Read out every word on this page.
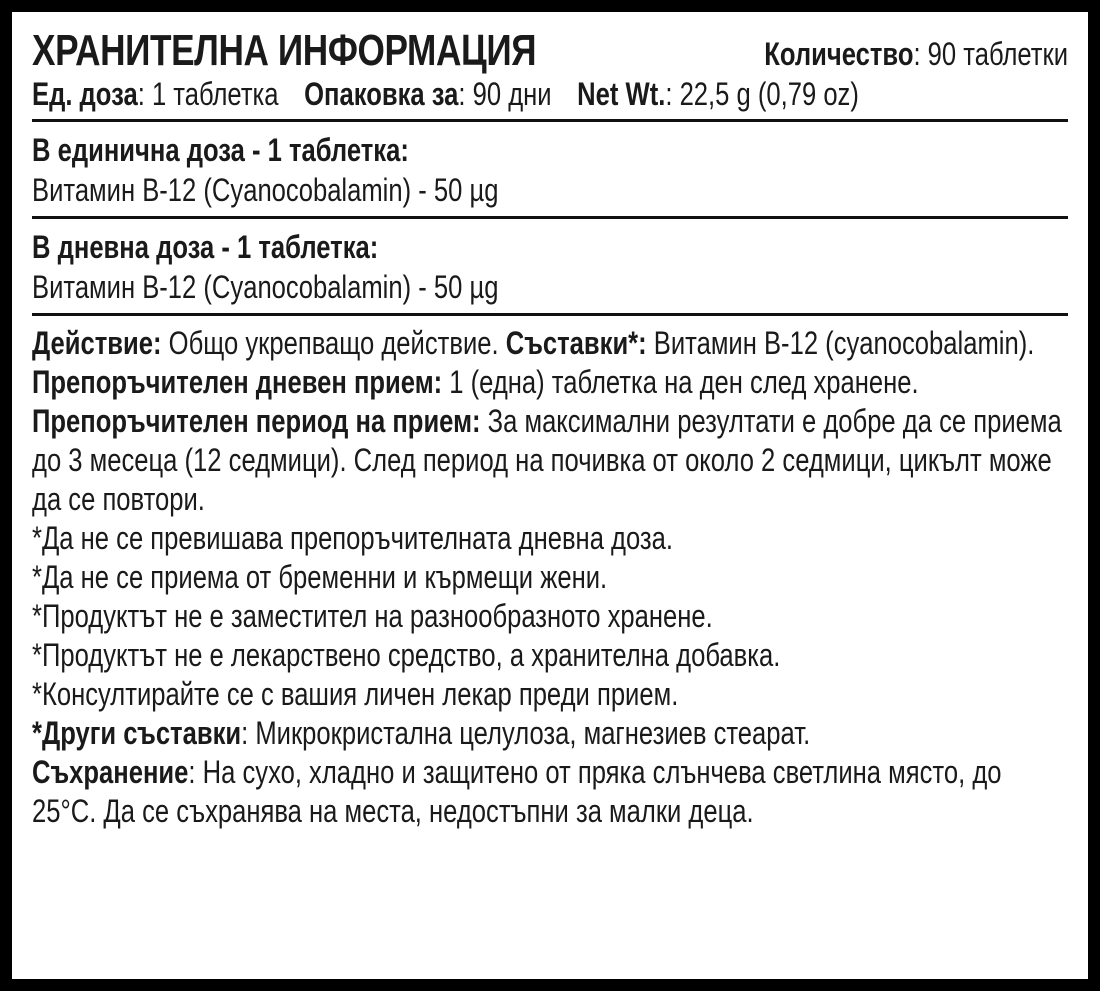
ХРАНИТЕЛНА ИНФОРМАЦИЯ	Количество: 90 таблетки
Ед. доза: 1 таблетка Опаковка за: 90 дни Net Wt.: 22,5 g (0,79 oz)
В единична доза - 1 таблетка:
Витамин B-12 (Cyanocobalamin) - 50 µg
В дневна доза - 1 таблетка:
Витамин B-12 (Cyanocobalamin) - 50 µg

Действие: Общо укрепващо действие. Съставки*: Витамин B-12 (cyanocobalamin). Препоръчителен дневен прием: 1 (една) таблетка на ден след хранене. Препоръчителен период на прием: За максимални резултати е добре да се приема до 3 месеца (12 седмици). След период на почивка от около 2 седмици, цикълт може да се повтори.

*Да не се превишава препоръчителната дневна доза.

*Да не се приема от бременни и кърмещи жени.

*Продуктът не е заместител на разнообразното хранене.

*Продуктът не е лекарствено средство, а хранителна добавка.

*Консултирайте се с вашия личен лекар преди прием.

*Други съставки: Микрокристална целулоза, магнезиев стеарат.

Съхранение: На сухо, хладно и защитено от пряка слънчева светлина място, до 25°С. Да се съхранява на места, недостъпни за малки деца.
